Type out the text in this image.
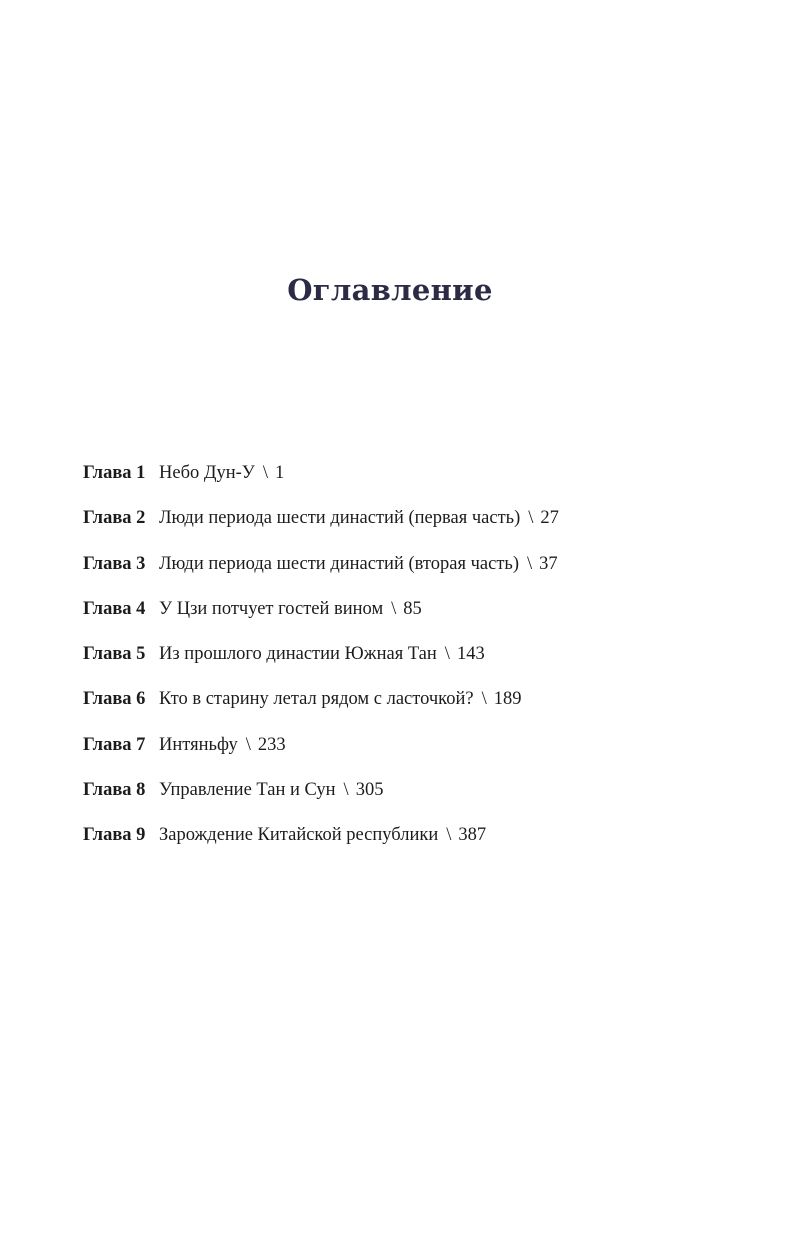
Оглавление
Глава 1 Небо Дун-У \ 1
Глава 2 Люди периода шести династий (первая часть) \ 27
Глава 3 Люди периода шести династий (вторая часть) \ 37
Глава 4 У Цзи потчует гостей вином \ 85
Глава 5 Из прошлого династии Южная Тан \ 143
Глава 6 Кто в старину летал рядом с ласточкой? \ 189
Глава 7 Интяньфу \ 233
Глава 8 Управление Тан и Сун \ 305
Глава 9 Зарождение Китайской республики \ 387
